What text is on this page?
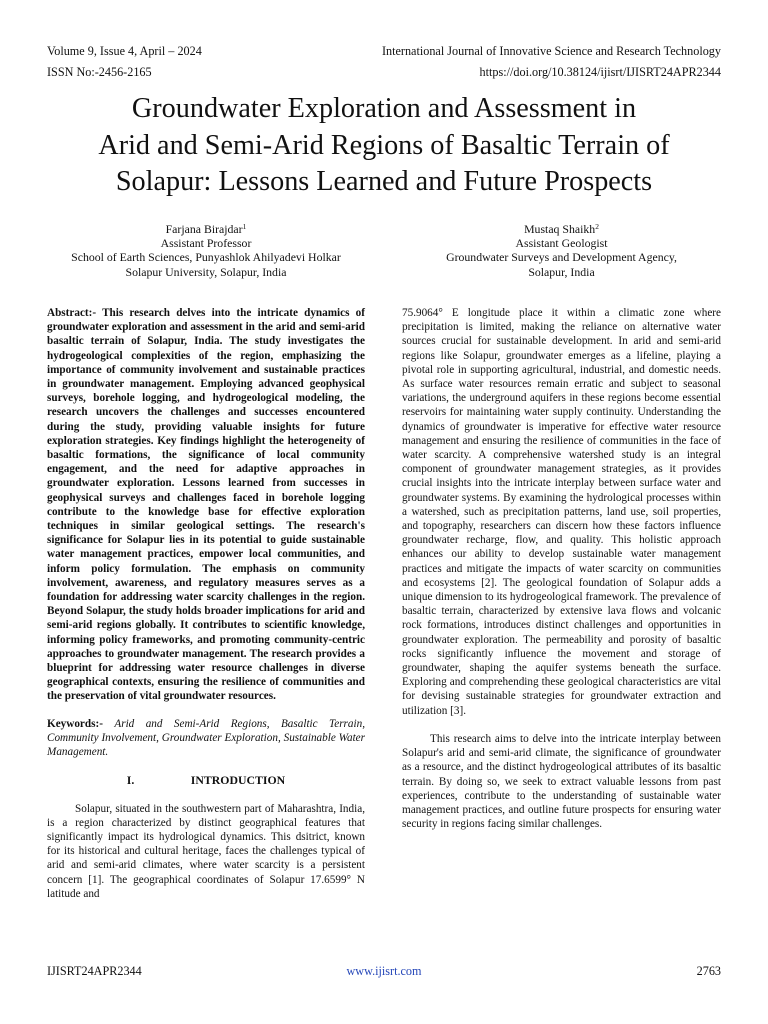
Volume 9, Issue 4, April – 2024	International Journal of Innovative Science and Research Technology
ISSN No:-2456-2165	https://doi.org/10.38124/ijisrt/IJISRT24APR2344
Groundwater Exploration and Assessment in
Arid and Semi-Arid Regions of Basaltic Terrain of
Solapur: Lessons Learned and Future Prospects
Farjana Birajdar$^1$
Assistant Professor
School of Earth Sciences, Punyashlok Ahilyadevi Holkar
Solapur University, Solapur, India
Mustaq Shaikh$^2$
Assistant Geologist
Groundwater Surveys and Development Agency,
Solapur, India

Abstract:- This research delves into the intricate dynamics of groundwater exploration and assessment in the arid and semi-arid basaltic terrain of Solapur, India. The study investigates the hydrogeological complexities of the region, emphasizing the importance of community involvement and sustainable practices in groundwater management. Employing advanced geophysical surveys, borehole logging, and hydrogeological modeling, the research uncovers the challenges and successes encountered during the study, providing valuable insights for future exploration strategies. Key findings highlight the heterogeneity of basaltic formations, the significance of local community engagement, and the need for adaptive approaches in groundwater exploration. Lessons learned from successes in geophysical surveys and challenges faced in borehole logging contribute to the knowledge base for effective exploration techniques in similar geological settings. The research's significance for Solapur lies in its potential to guide sustainable water management practices, empower local communities, and inform policy formulation. The emphasis on community involvement, awareness, and regulatory measures serves as a foundation for addressing water scarcity challenges in the region. Beyond Solapur, the study holds broader implications for arid and semi-arid regions globally. It contributes to scientific knowledge, informing policy frameworks, and promoting community-centric approaches to groundwater management. The research provides a blueprint for addressing water resource challenges in diverse geographical contexts, ensuring the resilience of communities and the preservation of vital groundwater resources.

Keywords:- Arid and Semi-Arid Regions, Basaltic Terrain, Community Involvement, Groundwater Exploration, Sustainable Water Management.

I.	INTRODUCTION

Solapur, situated in the southwestern part of Maharashtra, India, is a region characterized by distinct geographical features that significantly impact its hydrological dynamics. This dsitrict, known for its historical and cultural heritage, faces the challenges typical of arid and semi-arid climates, where water scarcity is a persistent concern [1]. The geographical coordinates of Solapur 17.6599° N latitude and

75.9064° E longitude place it within a climatic zone where precipitation is limited, making the reliance on alternative water sources crucial for sustainable development. In arid and semi-arid regions like Solapur, groundwater emerges as a lifeline, playing a pivotal role in supporting agricultural, industrial, and domestic needs. As surface water resources remain erratic and subject to seasonal variations, the underground aquifers in these regions become essential reservoirs for maintaining water supply continuity. Understanding the dynamics of groundwater is imperative for effective water resource management and ensuring the resilience of communities in the face of water scarcity. A comprehensive watershed study is an integral component of groundwater management strategies, as it provides crucial insights into the intricate interplay between surface water and groundwater systems. By examining the hydrological processes within a watershed, such as precipitation patterns, land use, soil properties, and topography, researchers can discern how these factors influence groundwater recharge, flow, and quality. This holistic approach enhances our ability to develop sustainable water management practices and mitigate the impacts of water scarcity on communities and ecosystems [2]. The geological foundation of Solapur adds a unique dimension to its hydrogeological framework. The prevalence of basaltic terrain, characterized by extensive lava flows and volcanic rock formations, introduces distinct challenges and opportunities in groundwater exploration. The permeability and porosity of basaltic rocks significantly influence the movement and storage of groundwater, shaping the aquifer systems beneath the surface. Exploring and comprehending these geological characteristics are vital for devising sustainable strategies for groundwater extraction and utilization [3].

This research aims to delve into the intricate interplay between Solapur's arid and semi-arid climate, the significance of groundwater as a resource, and the distinct hydrogeological attributes of its basaltic terrain. By doing so, we seek to extract valuable lessons from past experiences, contribute to the understanding of sustainable water management practices, and outline future prospects for ensuring water security in regions facing similar challenges.

IJISRT24APR2344	www.ijisrt.com	2763
